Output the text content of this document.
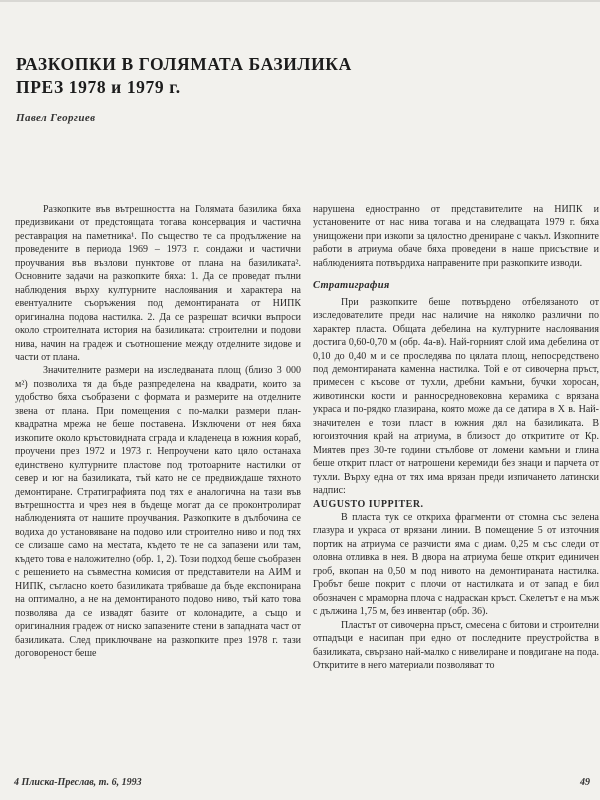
РАЗКОПКИ В ГОЛЯМАТА БАЗИЛИКА
ПРЕЗ 1978 и 1979 г.
Павел Георгиев

Разкопките във вътрешността на Голямата базилика бяха предизвикани от предстоящата тогава консервация и частична реставрация на паметника¹. По същество те са продължение на проведените в периода 1969 – 1973 г. сондажи и частични проучвания във възлови пунктове от плана на базиликата². Основните задачи на разкопките бяха: 1. Да се проведат пълни наблюдения върху културните наслоявания и характера на евентуалните съоръжения под демонтираната от НИПК оригинална подова настилка. 2. Да се разрешат всички въпроси около строителната история на базиликата: строителни и подови нива, начин на градеж и съотношение между отделните зидове и части от плана.

Значителните размери на изследваната площ (близо 3 000 м²) позволиха тя да бъде разпределена на квадрати, които за удобство бяха съобразени с формата и размерите на отделните звена от плана. При помещения с по-малки размери план-квадратна мрежа не беше поставена. Изключени от нея бяха изкопите около кръстовидната сграда и кладенеца в южния кораб, проучени през 1972 и 1973 г. Непроучени като цяло останаха единствено културните пластове под тротоарните настилки от север и юг на базиликата, тъй като не се предвиждаше тяхното демонтиране. Стратиграфията под тях е аналогична на тази във вътрешността и чрез нея в бъдеще могат да се проконтролират наблюденията от нашите проучвания. Разкопките в дълбочина се водиха до установяване на подово или строително ниво и под тях се слизаше само на местата, където те не са запазени или там, където това е наложително (обр. 1, 2). Този подход беше съобразен с решението на съвместна комисия от представители на АИМ и НИПК, съгласно което базиликата трябваше да бъде експонирана на оптимално, а не на демонтираното подово ниво, тъй като това позволява да се извадят базите от колонадите, а също и оригиналния градеж от ниско запазените стени в западната част от базиликата. След приключване на разкопките през 1978 г. тази договореност беше

нарушена едностранно от представителите на НИПК и установените от нас нива тогава и на следващата 1979 г. бяха унищожени при изкопи за цялостно дрениране с чакъл. Изкопните работи в атриума обаче бяха проведени в наше присъствие и наблюденията потвърдиха направените при разкопките изводи.

Стратиграфия

При разкопките беше потвърдено отбелязаното от изследователите преди нас наличие на няколко различни по характер пласта. Общата дебелина на културните наслоявания достига 0,60-0,70 м (обр. 4а-в). Най-горният слой има дебелина от 0,10 до 0,40 м и се проследява по цялата площ, непосредствено под демонтираната каменна настилка. Той е от сивочерна пръст, примесен с късове от тухли, дребни камъни, бучки хоросан, животински кости и ранносредновековна керамика с врязана украса и по-рядко глазирана, която може да се датира в X в. Най-значителен е този пласт в южния дял на базиликата. В югоизточния край на атриума, в близост до откритите от Кр. Миятев през 30-те години стълбове от ломени камъни и глина беше открит пласт от натрошени керемиди без знаци и парчета от тухли. Върху една от тях има врязан преди изпичането латински надпис:

AUGUSTO IUPPITER.

В пласта тук се откриха фрагменти от стомна със зелена глазура и украса от врязани линии. В помещение 5 от източния портик на атриума се разчисти яма с диам. 0,25 м със следи от оловна отливка в нея. В двора на атриума беше открит единичен гроб, вкопан на 0,50 м под нивото на демонтираната настилка. Гробът беше покрит с плочи от настилката и от запад е бил обозначен с мраморна плоча с надраскан кръст. Скелетът е на мъж с дължина 1,75 м, без инвентар (обр. 36).

Пластът от сивочерна пръст, смесена с битови и строителни отпадъци е насипан при едно от последните преустройства в базиликата, свързано най-малко с нивелиране и повдигане на пода. Откритите в него материали позволяват то

4 Плиска-Преслав, т. 6, 1993	49
